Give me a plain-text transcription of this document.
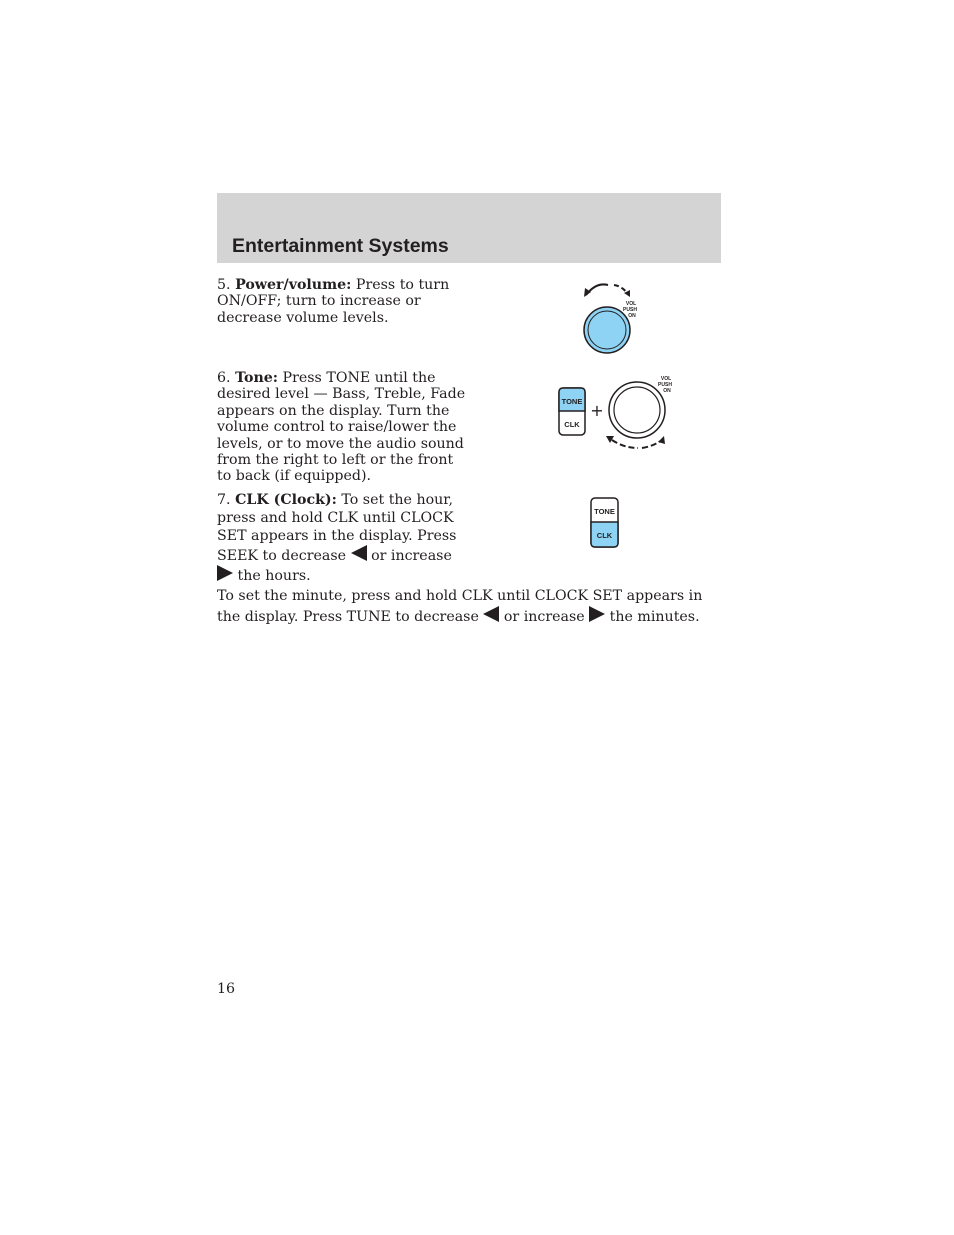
Entertainment Systems
5. Power/volume: Press to turn ON/OFF; turn to increase or decrease volume levels.
6. Tone: Press TONE until the desired level — Bass, Treble, Fade appears on the display. Turn the volume control to raise/lower the levels, or to move the audio sound from the right to left or the front to back (if equipped).
7. CLK (Clock): To set the hour, press and hold CLK until CLOCK SET appears in the display. Press SEEK to decrease  or increase  the hours.
To set the minute, press and hold CLK until CLOCK SET appears in the display. Press TUNE to decrease  or increase  the minutes.
VOL
PUSH
ON
TONE
CLK
+
VOL
PUSH
ON
TONE
CLK
16
